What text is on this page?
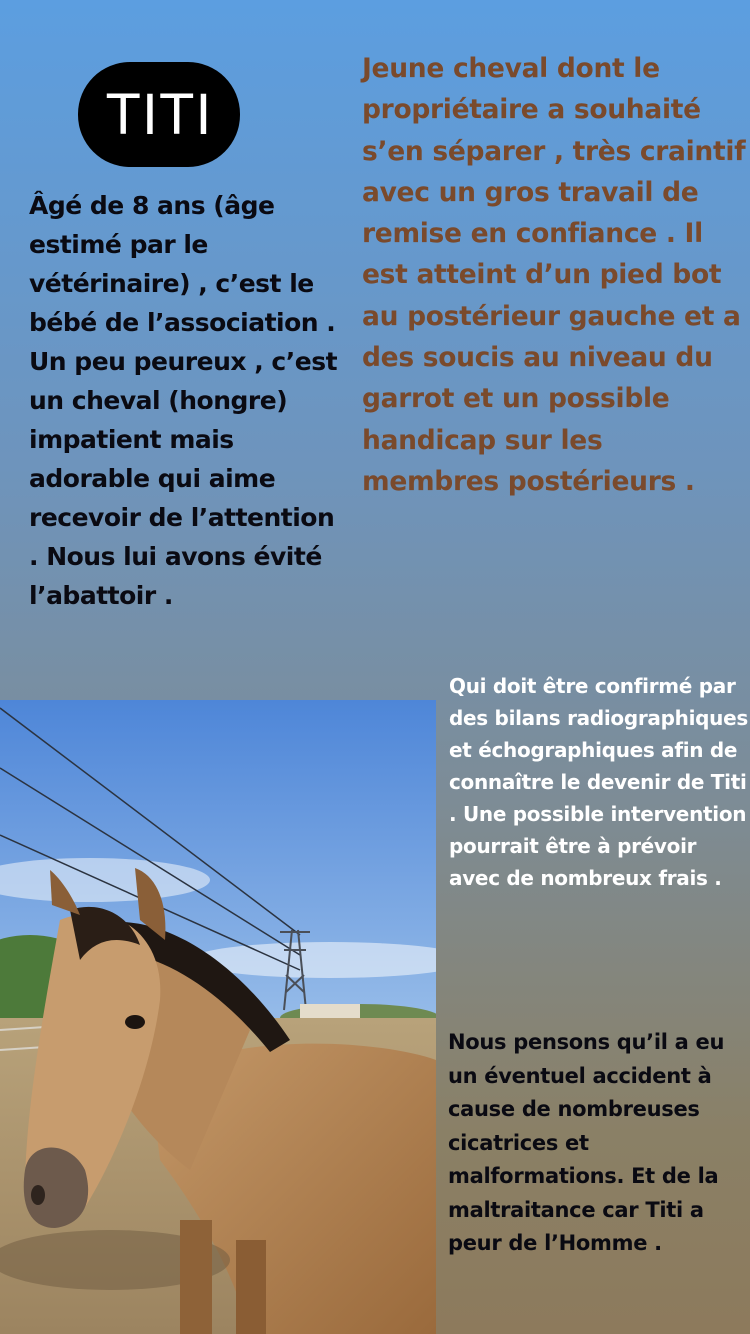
TITI
Âgé de 8 ans (âge estimé par le vétérinaire) , c’est le bébé de l’association . Un peu peureux , c’est un cheval (hongre) impatient mais adorable qui aime recevoir de l’attention . Nous lui avons évité l’abattoir .
Jeune cheval dont le propriétaire a souhaité s’en séparer , très craintif avec un gros travail de remise en confiance . Il est atteint d’un pied bot au postérieur gauche et a des soucis au niveau du garrot et un possible handicap sur les membres postérieurs .
Qui doit être confirmé par des bilans radiographiques et échographiques afin de connaître le devenir de Titi . Une possible intervention pourrait être à prévoir avec de nombreux frais .
Nous pensons qu’il a eu un éventuel accident à cause de nombreuses cicatrices et malformations. Et de la maltraitance car Titi a peur de l’Homme .
